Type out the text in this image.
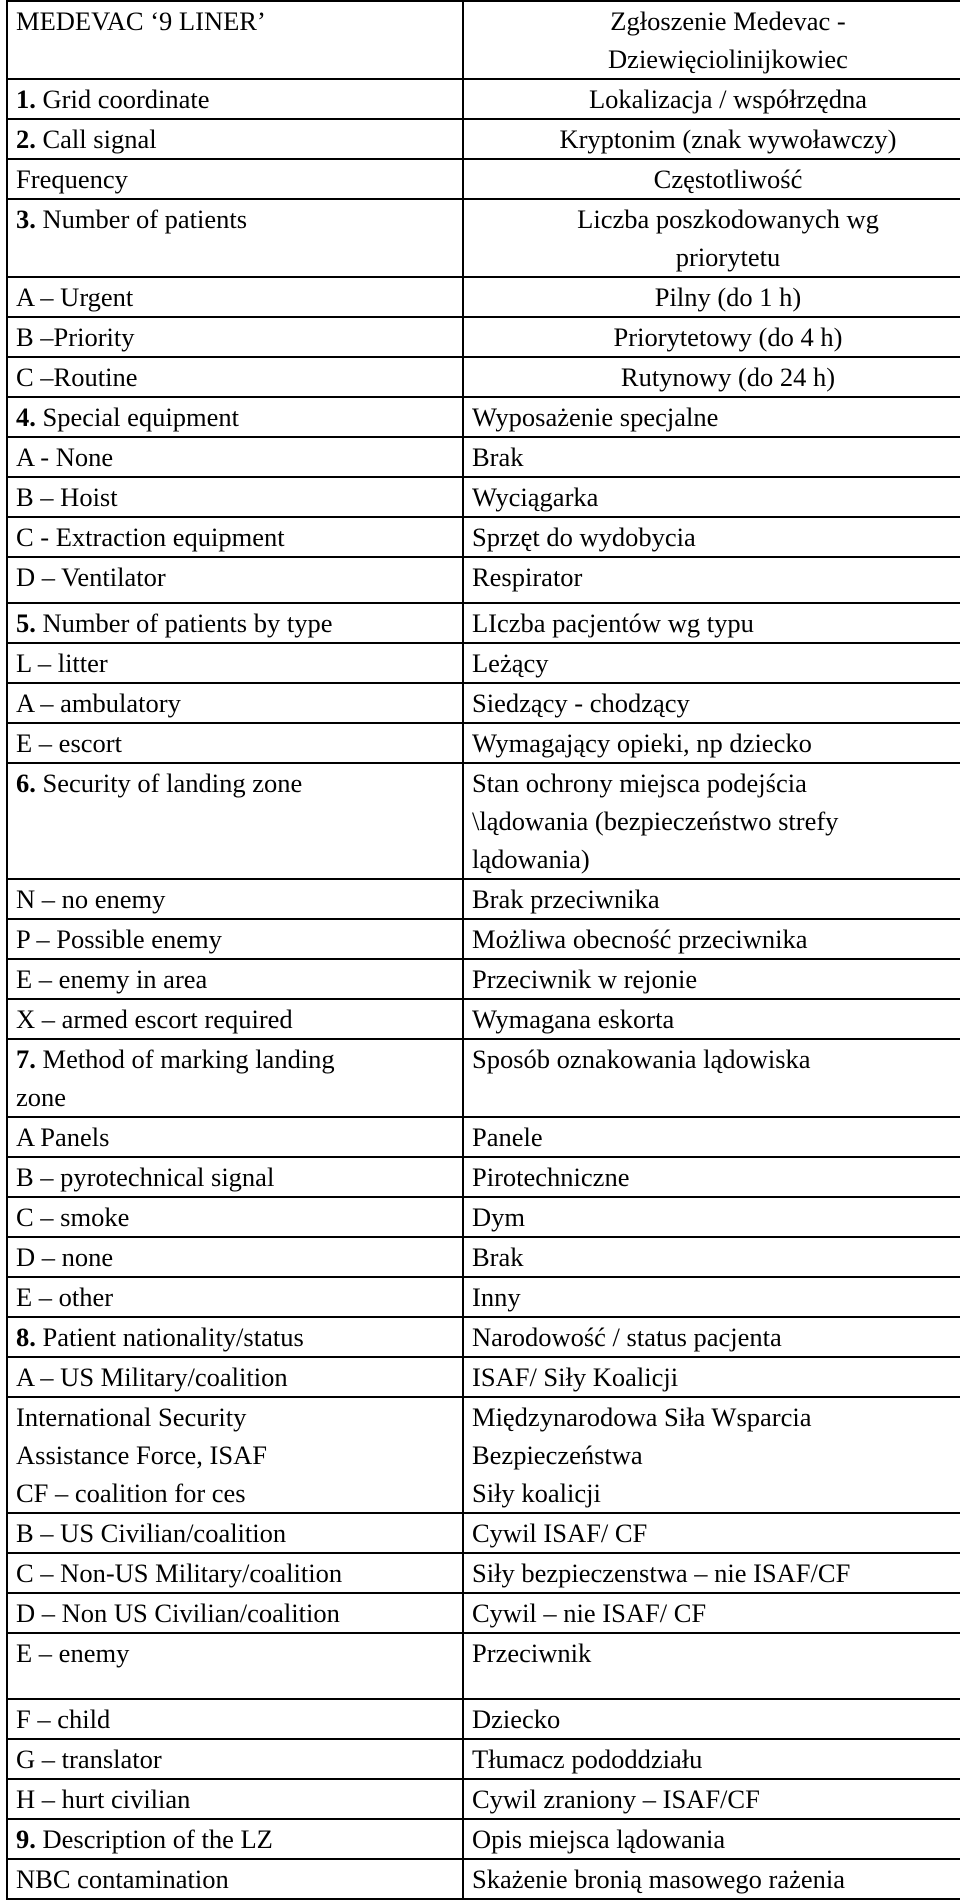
MEDEVAC ‘9 LINER’	Zgłoszenie Medevac -
Dziewięciolinijkowiec
1. Grid coordinate	Lokalizacja / współrzędna
2. Call signal	Kryptonim (znak wywoławczy)
Frequency	Częstotliwość
3. Number of patients	Liczba poszkodowanych wg
priorytetu
A – Urgent	Pilny (do 1 h)
B –Priority	Priorytetowy (do 4 h)
C –Routine	Rutynowy (do 24 h)
4. Special equipment	Wyposażenie specjalne
A - None	Brak
B – Hoist	Wyciągarka
C - Extraction equipment	Sprzęt do wydobycia
D – Ventilator	Respirator
5. Number of patients by type	LIczba pacjentów wg typu
L – litter	Leżący
A – ambulatory	Siedzący - chodzący
E – escort	Wymagający opieki, np dziecko
6. Security of landing zone	Stan ochrony miejsca podejścia
\lądowania (bezpieczeństwo strefy
lądowania)
N – no enemy	Brak przeciwnika
P – Possible enemy	Możliwa obecność przeciwnika
E – enemy in area	Przeciwnik w rejonie
X – armed escort required	Wymagana eskorta
7. Method of marking landing
zone	Sposób oznakowania lądowiska
A Panels	Panele
B – pyrotechnical signal	Pirotechniczne
C – smoke	Dym
D – none	Brak
E – other	Inny
8. Patient nationality/status	Narodowość / status pacjenta
A – US Military/coalition	ISAF/ Siły Koalicji
International Security
Assistance Force, ISAF
CF – coalition for ces	Międzynarodowa Siła Wsparcia
Bezpieczeństwa
Siły koalicji
B – US Civilian/coalition	Cywil ISAF/ CF
C – Non-US Military/coalition	Siły bezpieczenstwa – nie ISAF/CF
D – Non US Civilian/coalition	Cywil – nie ISAF/ CF
E – enemy	Przeciwnik
F – child	Dziecko
G – translator	Tłumacz pododdziału
H – hurt civilian	Cywil zraniony – ISAF/CF
9. Description of the LZ	Opis miejsca lądowania
NBC contamination	Skażenie bronią masowego rażenia
